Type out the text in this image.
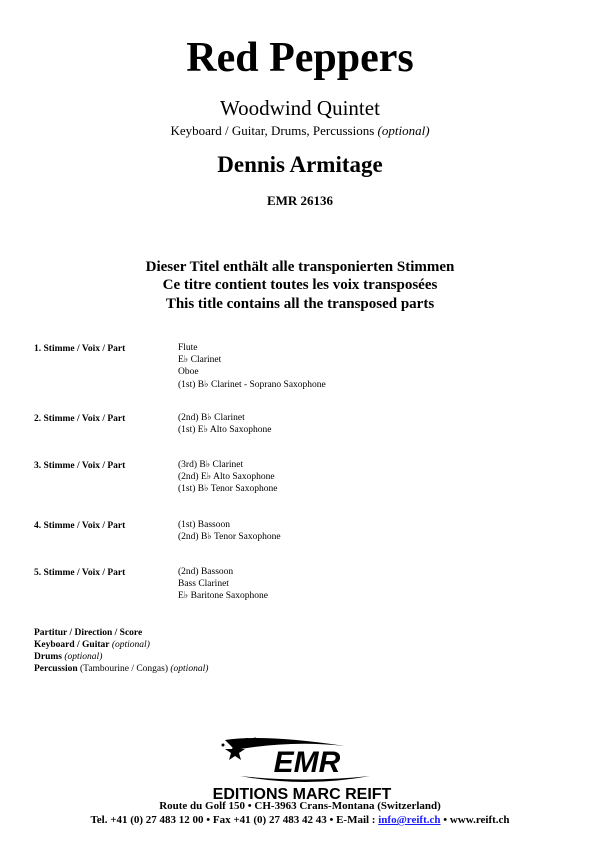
Red Peppers
Woodwind Quintet
Keyboard / Guitar, Drums, Percussions (optional)
Dennis Armitage
EMR 26136
Dieser Titel enthält alle transponierten Stimmen
Ce titre contient toutes les voix transposées
This title contains all the transposed parts
1. Stimme / Voix / Part	Flute
E♭ Clarinet
Oboe
(1st) B♭ Clarinet - Soprano Saxophone
2. Stimme / Voix / Part	(2nd) B♭ Clarinet
(1st) E♭ Alto Saxophone
3. Stimme / Voix / Part	(3rd) B♭ Clarinet
(2nd) E♭ Alto Saxophone
(1st) B♭ Tenor Saxophone
4. Stimme / Voix / Part	(1st) Bassoon
(2nd) B♭ Tenor Saxophone
5. Stimme / Voix / Part	(2nd) Bassoon
Bass Clarinet
E♭ Baritone Saxophone
Partitur / Direction / Score
Keyboard / Guitar (optional)
Drums (optional)
Percussion (Tambourine / Congas) (optional)
EMR
EDITIONS MARC REIFT
Route du Golf 150 • CH-3963 Crans-Montana (Switzerland)
Tel. +41 (0) 27 483 12 00 • Fax +41 (0) 27 483 42 43 • E-Mail : info@reift.ch • www.reift.ch
